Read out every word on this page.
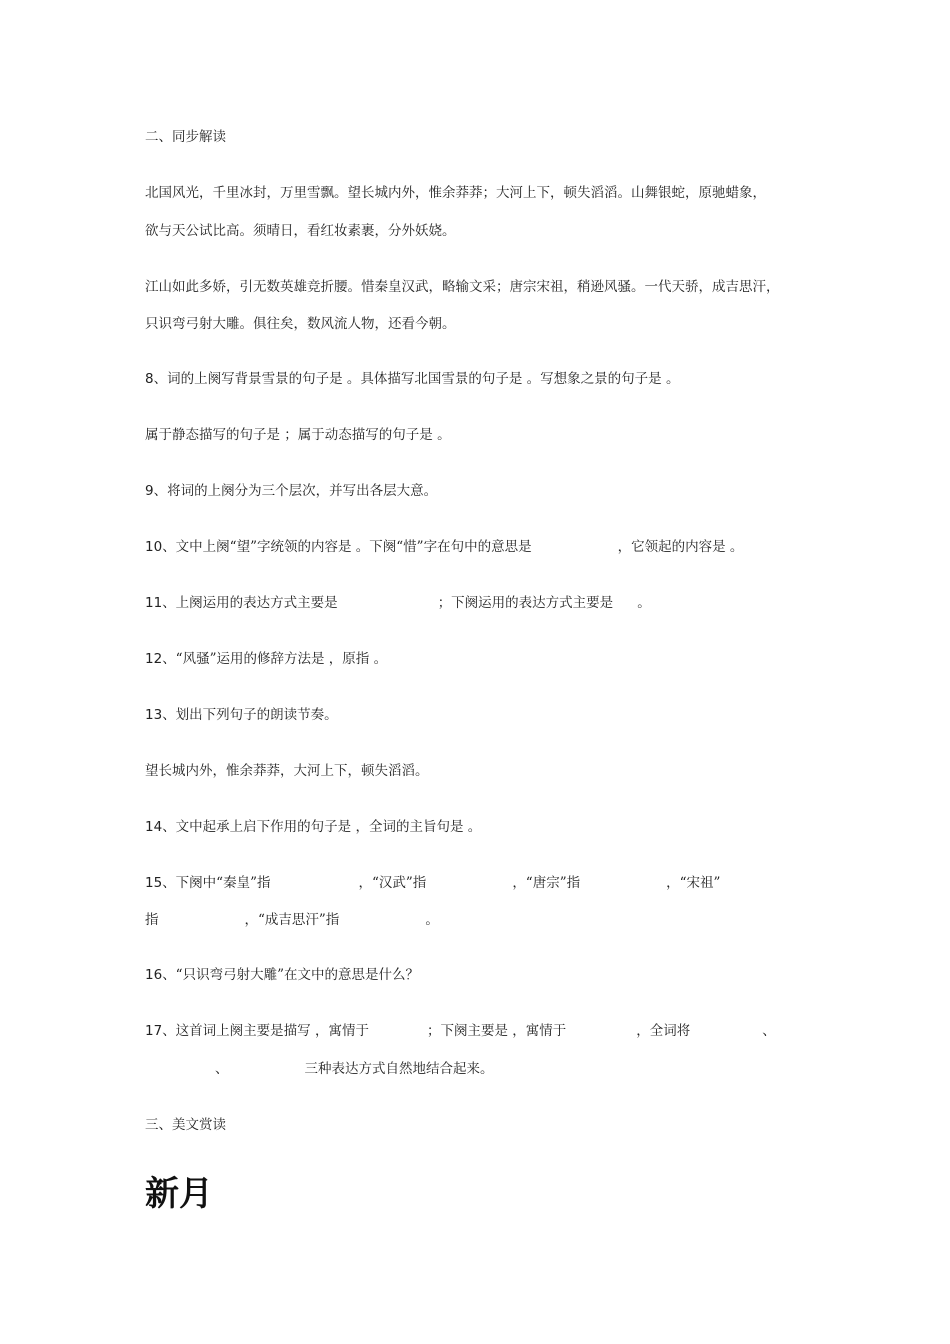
二、同步解读
北国风光，千里冰封，万里雪飘。望长城内外，惟余莽莽；大河上下，顿失滔滔。山舞银蛇，原驰蜡象，
欲与天公试比高。须晴日，看红妆素裹，分外妖娆。
江山如此多娇，引无数英雄竞折腰。惜秦皇汉武，略输文采；唐宗宋祖，稍逊风骚。一代天骄，成吉思汗，
只识弯弓射大雕。俱往矣，数风流人物，还看今朝。
8、词的上阕写背景雪景的句子是 。具体描写北国雪景的句子是 。写想象之景的句子是 。
属于静态描写的句子是 ；属于动态描写的句子是 。
9、将词的上阕分为三个层次，并写出各层大意。
10、文中上阕“望”字统领的内容是 。下阕“惜”字在句中的意思是	，它领起的内容是 。
11、上阕运用的表达方式主要是	；下阕运用的表达方式主要是 。
12、“风骚”运用的修辞方法是 ，原指 。
13、划出下列句子的朗读节奏。
望长城内外，惟余莽莽，大河上下，顿失滔滔。
14、文中起承上启下作用的句子是 ，全词的主旨句是 。
15、下阕中“秦皇”指	，“汉武”指	，“唐宗”指	，“宋祖”
指	，“成吉思汗”指	。
16、“只识弯弓射大雕”在文中的意思是什么？
17、这首词上阕主要是描写 ，寓情于	；下阕主要是 ，寓情于	，全词将	、
、	三种表达方式自然地结合起来。
三、美文赏读
新月
